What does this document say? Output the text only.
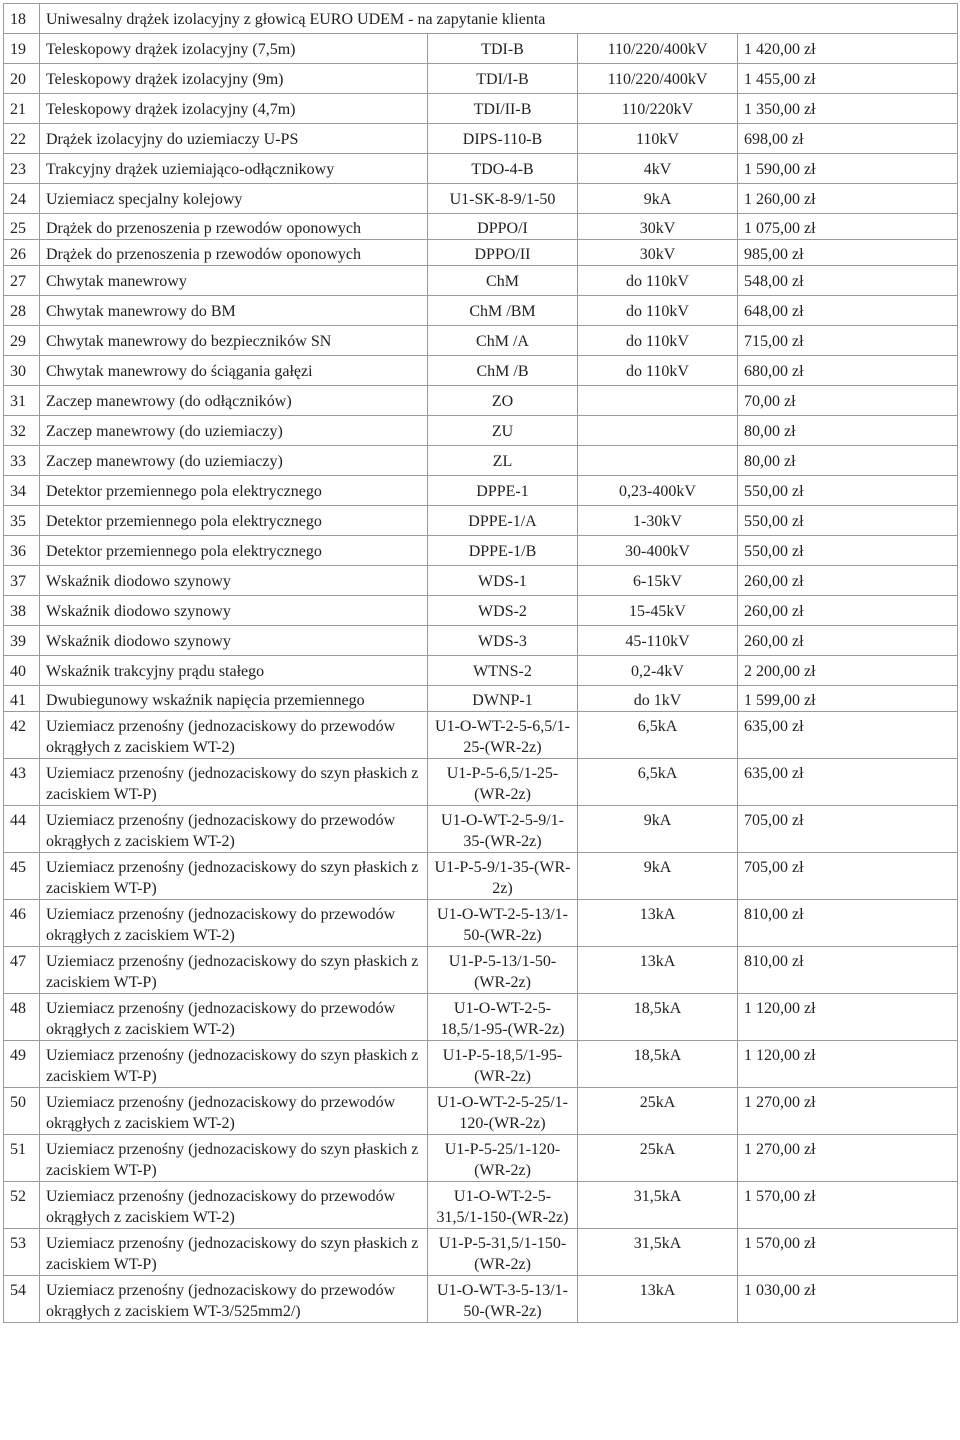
18	Uniwesalny drążek izolacyjny z głowicą EURO UDEM - na zapytanie klienta			
19	Teleskopowy drążek izolacyjny (7,5m)	TDI-B	110/220/400kV	1 420,00 zł
20	Teleskopowy drążek izolacyjny (9m)	TDI/I-B	110/220/400kV	1 455,00 zł
21	Teleskopowy drążek izolacyjny (4,7m)	TDI/II-B	110/220kV	1 350,00 zł
22	Drążek izolacyjny do uziemiaczy U-PS	DIPS-110-B	110kV	698,00 zł
23	Trakcyjny drążek uziemiająco-odłącznikowy	TDO-4-B	4kV	1 590,00 zł
24	Uziemiacz specjalny kolejowy	U1-SK-8-9/1-50	9kA	1 260,00 zł
25	Drążek do przenoszenia p rzewodów oponowych	DPPO/I	30kV	1 075,00 zł
26	Drążek do przenoszenia p rzewodów oponowych	DPPO/II	30kV	985,00 zł
27	Chwytak manewrowy	ChM	do 110kV	548,00 zł
28	Chwytak manewrowy do BM	ChM /BM	do 110kV	648,00 zł
29	Chwytak manewrowy do bezpieczników SN	ChM /A	do 110kV	715,00 zł
30	Chwytak manewrowy do ściągania gałęzi	ChM /B	do 110kV	680,00 zł
31	Zaczep manewrowy (do odłączników)	ZO		70,00 zł
32	Zaczep manewrowy (do uziemiaczy)	ZU		80,00 zł
33	Zaczep manewrowy (do uziemiaczy)	ZL		80,00 zł
34	Detektor przemiennego pola elektrycznego	DPPE-1	0,23-400kV	550,00 zł
35	Detektor przemiennego pola elektrycznego	DPPE-1/A	1-30kV	550,00 zł
36	Detektor przemiennego pola elektrycznego	DPPE-1/B	30-400kV	550,00 zł
37	Wskaźnik diodowo szynowy	WDS-1	6-15kV	260,00 zł
38	Wskaźnik diodowo szynowy	WDS-2	15-45kV	260,00 zł
39	Wskaźnik diodowo szynowy	WDS-3	45-110kV	260,00 zł
40	Wskaźnik trakcyjny prądu stałego	WTNS-2	0,2-4kV	2 200,00 zł
41	Dwubiegunowy wskaźnik napięcia przemiennego	DWNP-1	do 1kV	1 599,00 zł
42	Uziemiacz przenośny (jednozaciskowy do przewodów okrągłych z zaciskiem WT-2)	U1-O-WT-2-5-6,5/1-25-(WR-2z)	6,5kA	635,00 zł
43	Uziemiacz przenośny (jednozaciskowy do szyn płaskich z zaciskiem WT-P)	U1-P-5-6,5/1-25-(WR-2z)	6,5kA	635,00 zł
44	Uziemiacz przenośny (jednozaciskowy do przewodów okrągłych z zaciskiem WT-2)	U1-O-WT-2-5-9/1-35-(WR-2z)	9kA	705,00 zł
45	Uziemiacz przenośny (jednozaciskowy do szyn płaskich z zaciskiem WT-P)	U1-P-5-9/1-35-(WR-2z)	9kA	705,00 zł
46	Uziemiacz przenośny (jednozaciskowy do przewodów okrągłych z zaciskiem WT-2)	U1-O-WT-2-5-13/1-50-(WR-2z)	13kA	810,00 zł
47	Uziemiacz przenośny (jednozaciskowy do szyn płaskich z zaciskiem WT-P)	U1-P-5-13/1-50-(WR-2z)	13kA	810,00 zł
48	Uziemiacz przenośny (jednozaciskowy do przewodów okrągłych z zaciskiem WT-2)	U1-O-WT-2-5-18,5/1-95-(WR-2z)	18,5kA	1 120,00 zł
49	Uziemiacz przenośny (jednozaciskowy do szyn płaskich z zaciskiem WT-P)	U1-P-5-18,5/1-95-(WR-2z)	18,5kA	1 120,00 zł
50	Uziemiacz przenośny (jednozaciskowy do przewodów okrągłych z zaciskiem WT-2)	U1-O-WT-2-5-25/1-120-(WR-2z)	25kA	1 270,00 zł
51	Uziemiacz przenośny (jednozaciskowy do szyn płaskich z zaciskiem WT-P)	U1-P-5-25/1-120-(WR-2z)	25kA	1 270,00 zł
52	Uziemiacz przenośny (jednozaciskowy do przewodów okrągłych z zaciskiem WT-2)	U1-O-WT-2-5-31,5/1-150-(WR-2z)	31,5kA	1 570,00 zł
53	Uziemiacz przenośny (jednozaciskowy do szyn płaskich z zaciskiem WT-P)	U1-P-5-31,5/1-150-(WR-2z)	31,5kA	1 570,00 zł
54	Uziemiacz przenośny (jednozaciskowy do przewodów okrągłych z zaciskiem WT-3/525mm2/)	U1-O-WT-3-5-13/1-50-(WR-2z)	13kA	1 030,00 zł
